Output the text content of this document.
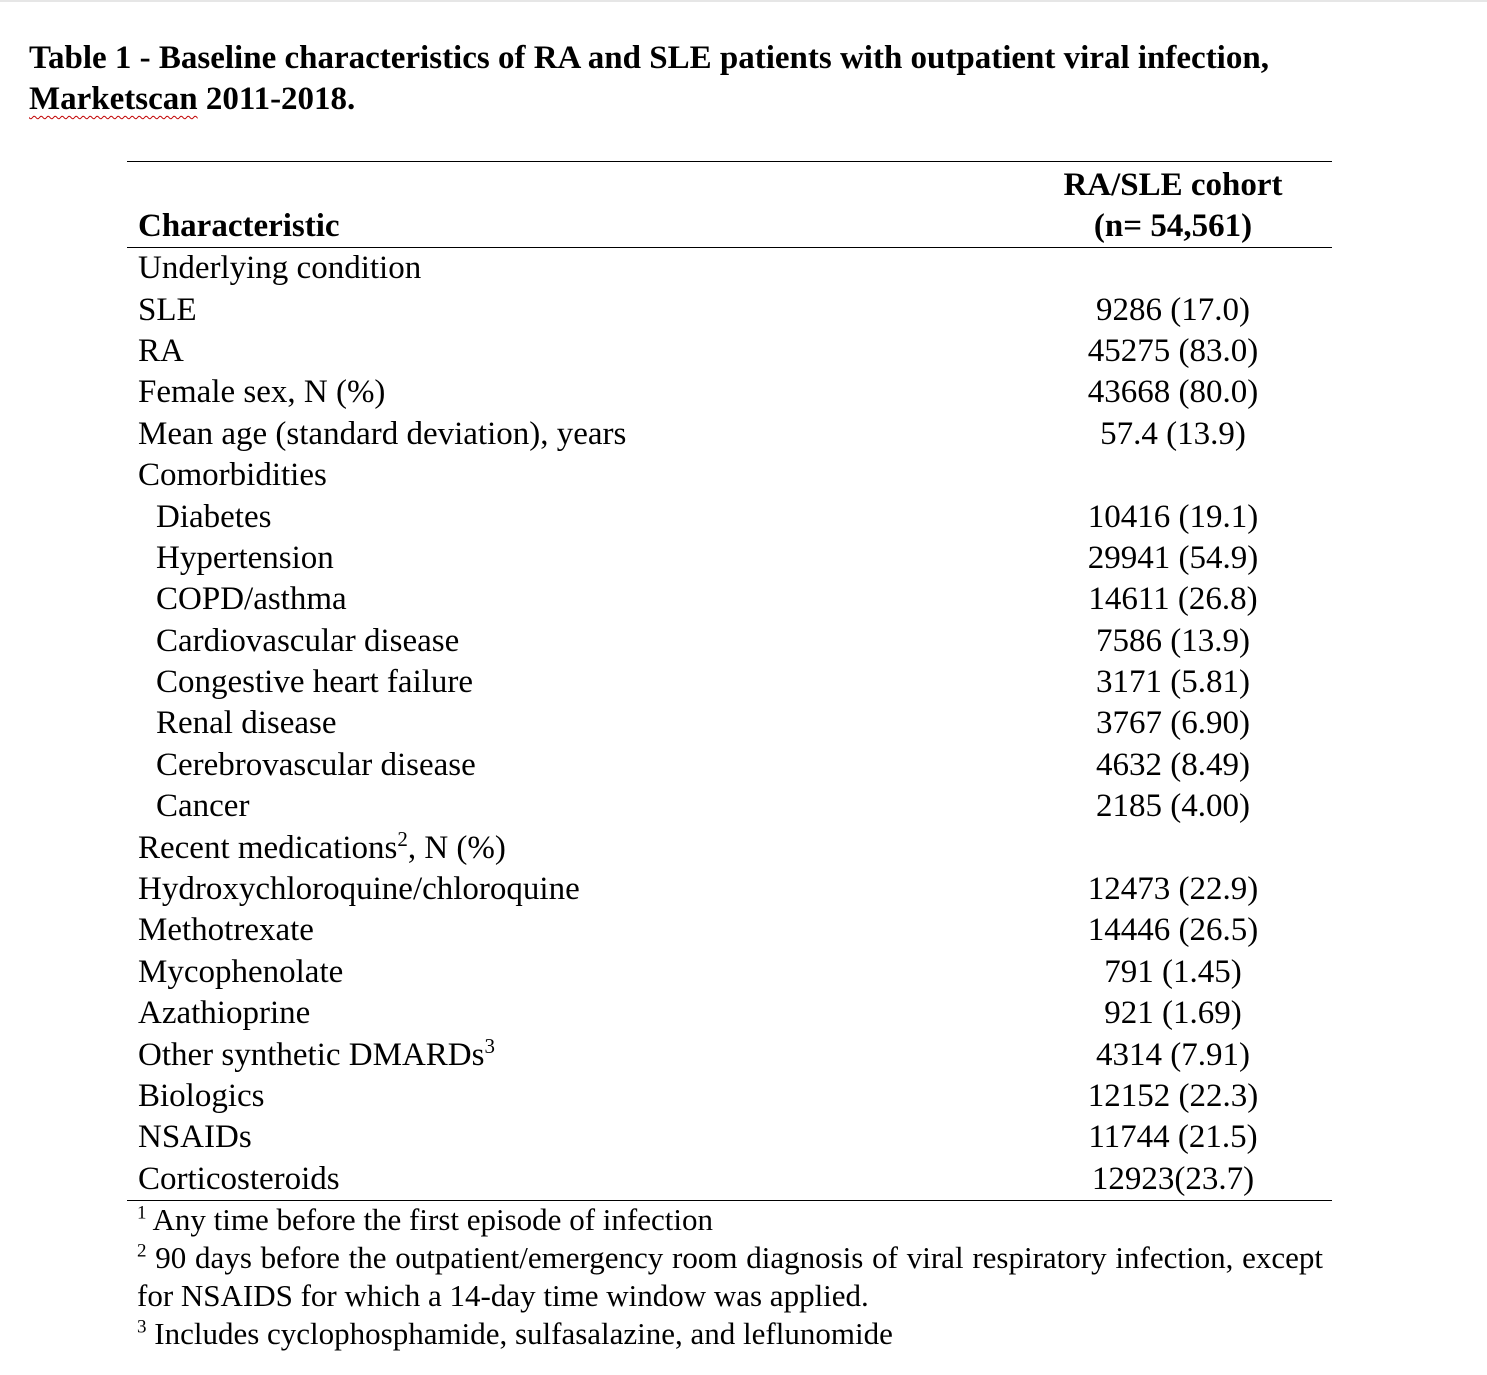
Table 1 - Baseline characteristics of RA and SLE patients with outpatient viral infection,
Marketscan 2011-2018.
Characteristic	RA/SLE cohort
(n= 54,561)
Underlying condition	
SLE	9286 (17.0)
RA	45275 (83.0)
Female sex, N (%)	43668 (80.0)
Mean age (standard deviation), years	57.4 (13.9)
Comorbidities	
Diabetes	10416 (19.1)
Hypertension	29941 (54.9)
COPD/asthma	14611 (26.8)
Cardiovascular disease	7586 (13.9)
Congestive heart failure	3171 (5.81)
Renal disease	3767 (6.90)
Cerebrovascular disease	4632 (8.49)
Cancer	2185 (4.00)
Recent medications$^2$, N (%)	
Hydroxychloroquine/chloroquine	12473 (22.9)
Methotrexate	14446 (26.5)
Mycophenolate	791 (1.45)
Azathioprine	921 (1.69)
Other synthetic DMARDs$^3$	4314 (7.91)
Biologics	12152 (22.3)
NSAIDs	11744 (21.5)
Corticosteroids	12923(23.7)
$^1$ Any time before the first episode of infection
$^2$ 90 days before the outpatient/emergency room diagnosis of viral respiratory infection, except for NSAIDS for which a 14-day time window was applied.
$^3$ Includes cyclophosphamide, sulfasalazine, and leflunomide
